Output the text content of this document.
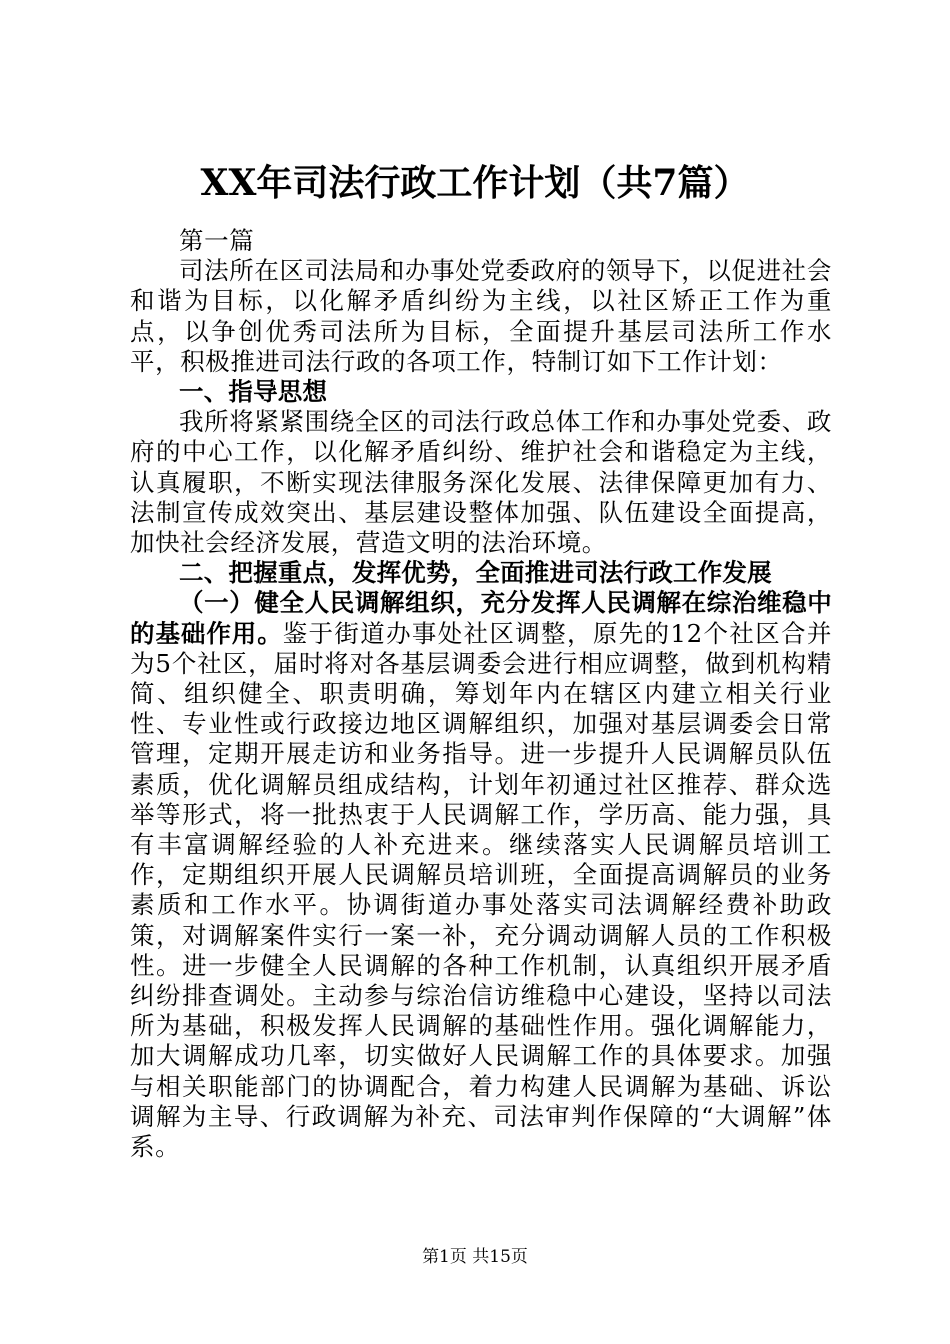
XX年司法行政工作计划（共7篇）

第一篇

司法所在区司法局和办事处党委政府的领导下，以促进社会和谐为目标，以化解矛盾纠纷为主线，以社区矫正工作为重点，以争创优秀司法所为目标，全面提升基层司法所工作水平，积极推进司法行政的各项工作，特制订如下工作计划：

一、指导思想

我所将紧紧围绕全区的司法行政总体工作和办事处党委、政府的中心工作，以化解矛盾纠纷、维护社会和谐稳定为主线，认真履职，不断实现法律服务深化发展、法律保障更加有力、法制宣传成效突出、基层建设整体加强、队伍建设全面提高，加快社会经济发展，营造文明的法治环境。

二、把握重点，发挥优势，全面推进司法行政工作发展

（一）健全人民调解组织，充分发挥人民调解在综治维稳中的基础作用。鉴于街道办事处社区调整，原先的12个社区合并为5个社区，届时将对各基层调委会进行相应调整，做到机构精简、组织健全、职责明确，筹划年内在辖区内建立相关行业性、专业性或行政接边地区调解组织，加强对基层调委会日常管理，定期开展走访和业务指导。进一步提升人民调解员队伍素质，优化调解员组成结构，计划年初通过社区推荐、群众选举等形式，将一批热衷于人民调解工作，学历高、能力强，具有丰富调解经验的人补充进来。继续落实人民调解员培训工作，定期组织开展人民调解员培训班，全面提高调解员的业务素质和工作水平。协调街道办事处落实司法调解经费补助政策，对调解案件实行一案一补，充分调动调解人员的工作积极性。进一步健全人民调解的各种工作机制，认真组织开展矛盾纠纷排查调处。主动参与综治信访维稳中心建设，坚持以司法所为基础，积极发挥人民调解的基础性作用。强化调解能力，加大调解成功几率，切实做好人民调解工作的具体要求。加强与相关职能部门的协调配合，着力构建人民调解为基础、诉讼调解为主导、行政调解为补充、司法审判作保障的“大调解”体系。

第1页 共15页
